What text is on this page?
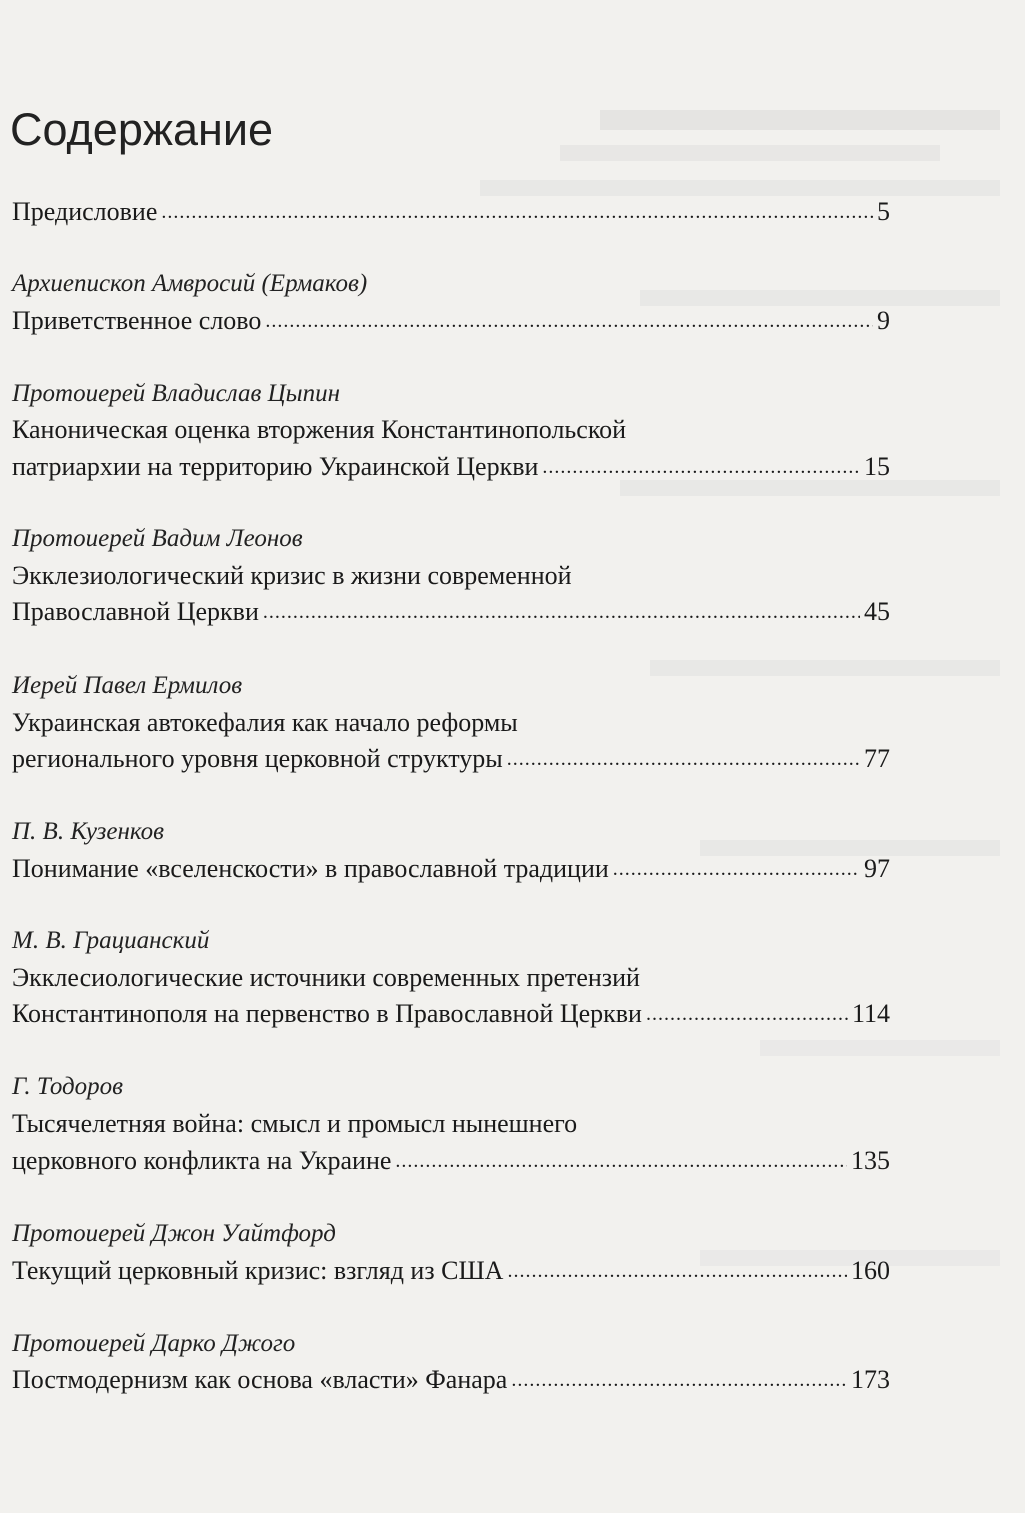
Содержание
Предисловие .....	5
Архиепископ Амвросий (Ермаков)
Приветственное слово .....	9
Протоиерей Владислав Цыпин
Каноническая оценка вторжения Константинопольской
патриархии на территорию Украинской Церкви .....	15
Протоиерей Вадим Леонов
Экклезиологический кризис в жизни современной
Православной Церкви .....	45
Иерей Павел Ермилов
Украинская автокефалия как начало реформы
регионального уровня церковной структуры .....	77
П. В. Кузенков
Понимание «вселенскости» в православной традиции .....	97
М. В. Грацианский
Экклесиологические источники современных претензий
Константинополя на первенство в Православной Церкви .....	114
Г. Тодоров
Тысячелетняя война: смысл и промысл нынешнего
церковного конфликта на Украине .....	135
Протоиерей Джон Уайтфорд
Текущий церковный кризис: взгляд из США .....	160
Протоиерей Дарко Джого
Постмодернизм как основа «власти» Фанара .....	173
